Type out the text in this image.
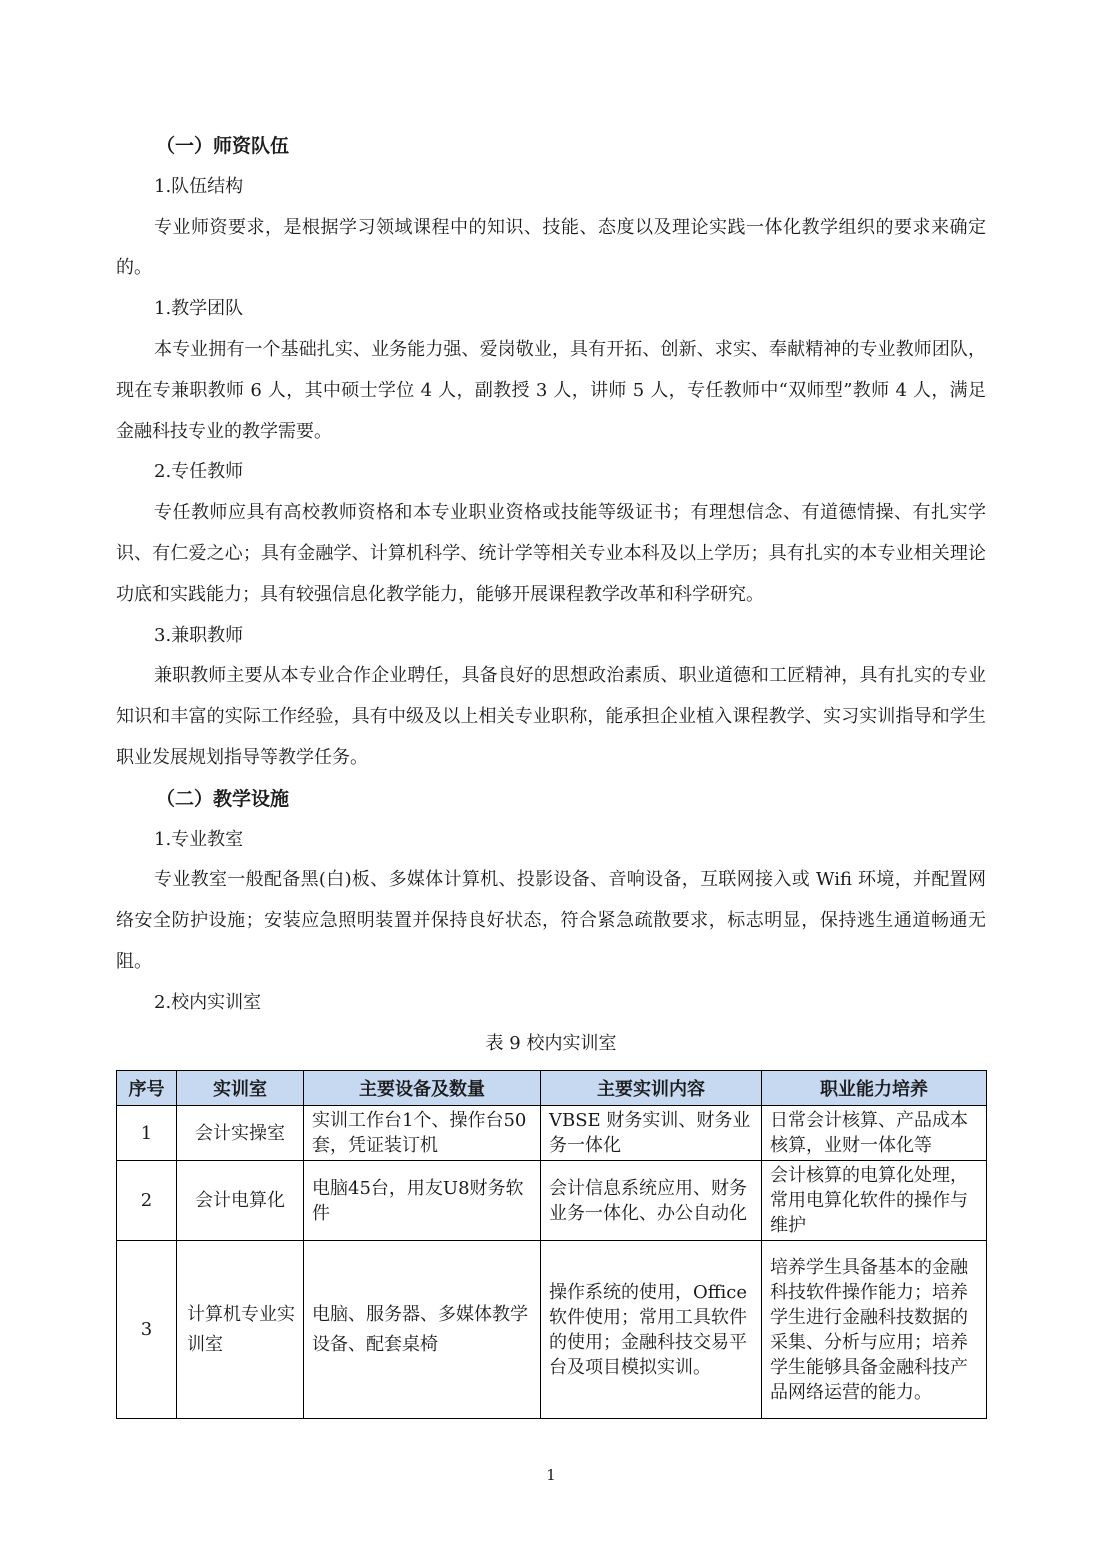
（一）师资队伍

1.队伍结构

专业师资要求，是根据学习领域课程中的知识、技能、态度以及理论实践一体化教学组织的要求来确定的。

1.教学团队

本专业拥有一个基础扎实、业务能力强、爱岗敬业，具有开拓、创新、求实、奉献精神的专业教师团队，现在专兼职教师 6 人，其中硕士学位 4 人，副教授 3 人，讲师 5 人，专任教师中“双师型”教师 4 人，满足金融科技专业的教学需要。

2.专任教师

专任教师应具有高校教师资格和本专业职业资格或技能等级证书；有理想信念、有道德情操、有扎实学识、有仁爱之心；具有金融学、计算机科学、统计学等相关专业本科及以上学历；具有扎实的本专业相关理论功底和实践能力；具有较强信息化教学能力，能够开展课程教学改革和科学研究。

3.兼职教师

兼职教师主要从本专业合作企业聘任，具备良好的思想政治素质、职业道德和工匠精神，具有扎实的专业知识和丰富的实际工作经验，具有中级及以上相关专业职称，能承担企业植入课程教学、实习实训指导和学生职业发展规划指导等教学任务。

（二）教学设施

1.专业教室

专业教室一般配备黑(白)板、多媒体计算机、投影设备、音响设备，互联网接入或 Wifi 环境，并配置网络安全防护设施；安装应急照明装置并保持良好状态，符合紧急疏散要求，标志明显，保持逃生通道畅通无阻。

2.校内实训室

表 9 校内实训室

序号	实训室	主要设备及数量	主要实训内容	职业能力培养
1	会计实操室	实训工作台1个、操作台50套，凭证装订机	VBSE 财务实训、财务业务一体化	日常会计核算、产品成本核算，业财一体化等
2	会计电算化	电脑45台，用友U8财务软件	会计信息系统应用、财务业务一体化、办公自动化	会计核算的电算化处理，常用电算化软件的操作与维护
3	计算机专业实训室	电脑、服务器、多媒体教学设备、配套桌椅	操作系统的使用，Office软件使用；常用工具软件的使用；金融科技交易平台及项目模拟实训。	培养学生具备基本的金融科技软件操作能力；培养学生进行金融科技数据的采集、分析与应用；培养学生能够具备金融科技产品网络运营的能力。
1
